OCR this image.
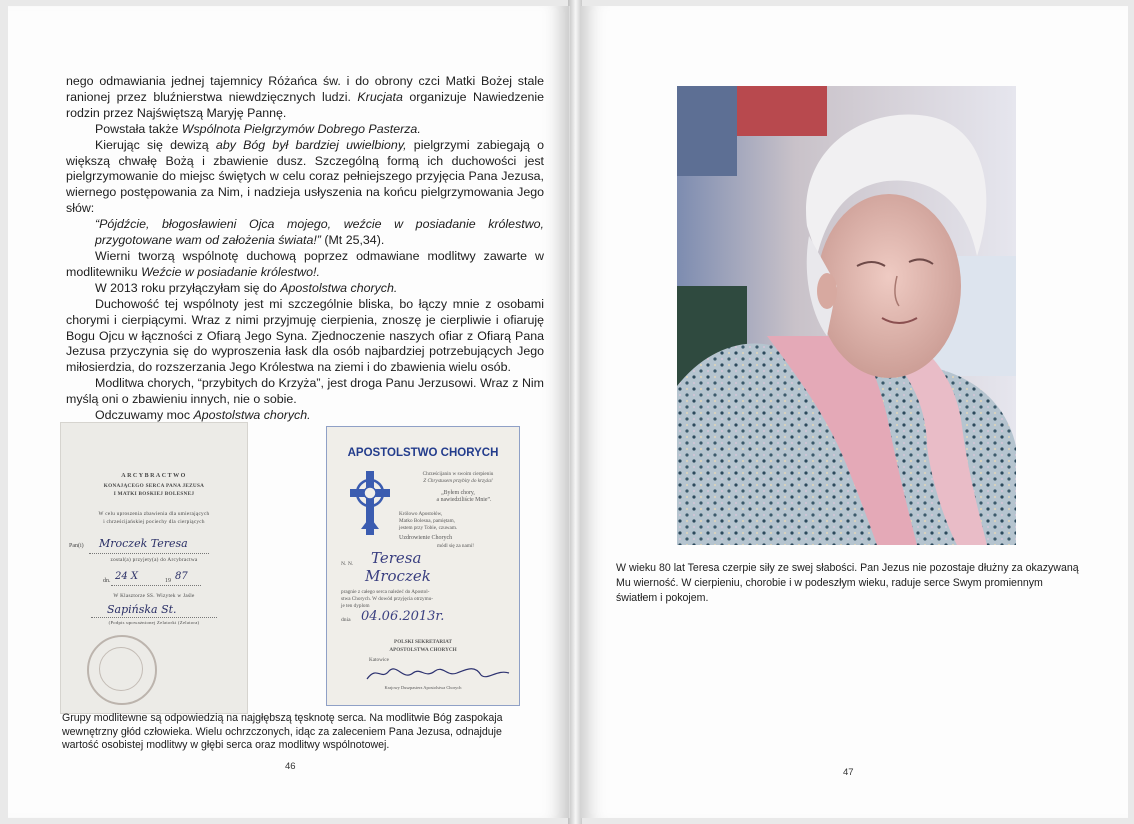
nego odmawiania jednej tajemnicy Różańca św. i do obrony czci Matki Bożej stale ranionej przez bluźnierstwa niewdzięcznych ludzi. Krucjata organizuje Nawiedzenie rodzin przez Najświętszą Maryję Pannę.

Powstała także Wspólnota Pielgrzymów Dobrego Pasterza.

Kierując się dewizą aby Bóg był bardziej uwielbiony, pielgrzymi zabiegają o większą chwałę Bożą i zbawienie dusz. Szczególną formą ich duchowości jest pielgrzymowanie do miejsc świętych w celu coraz pełniejszego przyjęcia Pana Jezusa, wiernego postępowania za Nim, i nadzieja usłyszenia na końcu pielgrzymowania Jego słów:

“Pójdźcie, błogosławieni Ojca mojego, weźcie w posiadanie królestwo, przygotowane wam od założenia świata!” (Mt 25,34).

Wierni tworzą wspólnotę duchową poprzez odmawiane modlitwy zawarte w modlitewniku Weźcie w posiadanie królestwo!.

W 2013 roku przyłączyłam się do Apostolstwa chorych.

Duchowość tej wspólnoty jest mi szczególnie bliska, bo łączy mnie z osobami chorymi i cierpiącymi. Wraz z nimi przyjmuję cierpienia, znoszę je cierpliwie i ofiaruję Bogu Ojcu w łączności z Ofiarą Jego Syna. Zjednoczenie naszych ofiar z Ofiarą Pana Jezusa przyczynia się do wyproszenia łask dla osób najbardziej potrzebujących Jego miłosierdzia, do rozszerzania Jego Królestwa na ziemi i do zbawienia wielu osób.

Modlitwa chorych, “przybitych do Krzyża”, jest droga Panu Jerzusowi. Wraz z Nim myślą oni o zbawieniu innych, nie o sobie.

Odczuwamy moc Apostolstwa chorych.

ARCYBRACTWO
KONAJĄCEGO SERCA PANA JEZUSA
I MATKI BOSKIEJ BOLESNEJ
W celu uproszenia zbawienia dla umierających
i chrześcijańskiej pociechy dla cierpiących
Pan(i) Mroczek Teresa
zostal(a) przyjety(a) do Arcybractwa
dn. 24 X	19 87
W Klasztorze SS. Wizytek w Jaśle
Sapińska St.
(Podpis upoważnionej Zelatorki (Zelatora)
APOSTOLSTWO CHORYCH
Chrześcijanin w swoim cierpieniu
Z Chrystusem przybity do krzyża!
„Byłem chory,
a nawiedziliście Mnie”.
Królowo Apostołów,
Matko Bolesna, pamiętam,
jestem przy Tobie, czuwam.
Uzdrowienie Chorych
módl się za nami!
N. N. Teresa
Mroczek
pragnie z całego serca należeć do Apostol-
stwa Chorych. W dowód przyjęcia otrzymu-
je ten dyplom
dnia 04.06.2013r.
POLSKI SEKRETARIAT
APOSTOLSTWA CHORYCH
Katowice
Krajowy Duszpasterz Apostolstwa Chorych
Grupy modlitewne są odpowiedzią na najgłębszą tęsknotę serca. Na modlitwie Bóg zaspokaja wewnętrzny głód człowieka. Wielu ochrzczonych, idąc za zaleceniem Pana Jezusa, odnajduje wartość osobistej modlitwy w głębi serca oraz modlitwy wspólnotowej.
46
W wieku 80 lat Teresa czerpie siły ze swej słabości. Pan Jezus nie pozostaje dłużny za okazywaną Mu wierność. W cierpieniu, chorobie i w podeszłym wieku, raduje serce Swym promiennym światłem i pokojem.
47
